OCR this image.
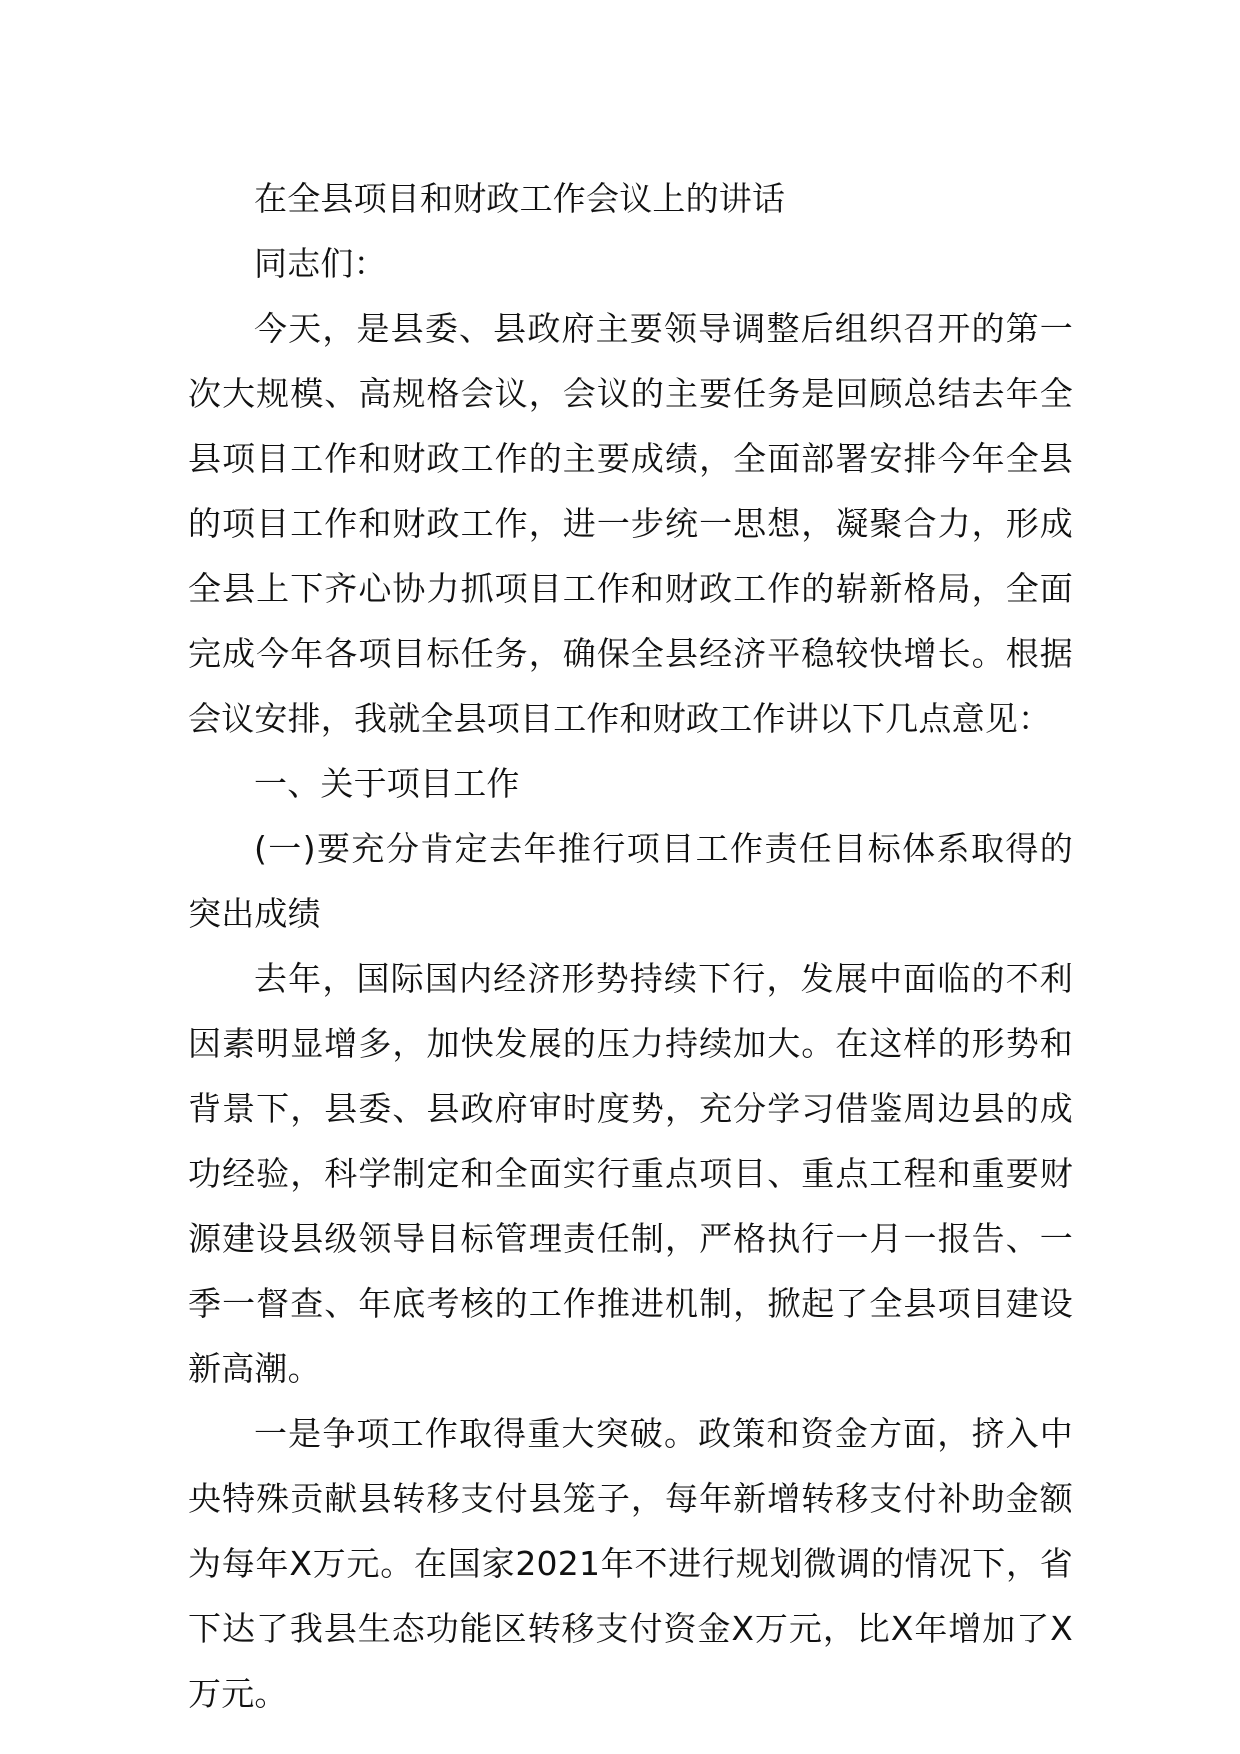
在全县项目和财政工作会议上的讲话

同志们：

今天，是县委、县政府主要领导调整后组织召开的第一次大规模、高规格会议，会议的主要任务是回顾总结去年全县项目工作和财政工作的主要成绩，全面部署安排今年全县的项目工作和财政工作，进一步统一思想，凝聚合力，形成全县上下齐心协力抓项目工作和财政工作的崭新格局，全面完成今年各项目标任务，确保全县经济平稳较快增长。根据会议安排，我就全县项目工作和财政工作讲以下几点意见：

一、关于项目工作

(一)要充分肯定去年推行项目工作责任目标体系取得的突出成绩

去年，国际国内经济形势持续下行，发展中面临的不利因素明显增多，加快发展的压力持续加大。在这样的形势和背景下，县委、县政府审时度势，充分学习借鉴周边县的成功经验，科学制定和全面实行重点项目、重点工程和重要财源建设县级领导目标管理责任制，严格执行一月一报告、一季一督查、年底考核的工作推进机制，掀起了全县项目建设新高潮。

一是争项工作取得重大突破。政策和资金方面，挤入中央特殊贡献县转移支付县笼子，每年新增转移支付补助金额为每年X万元。在国家2021年不进行规划微调的情况下，省下达了我县生态功能区转移支付资金X万元，比X年增加了X万元。
